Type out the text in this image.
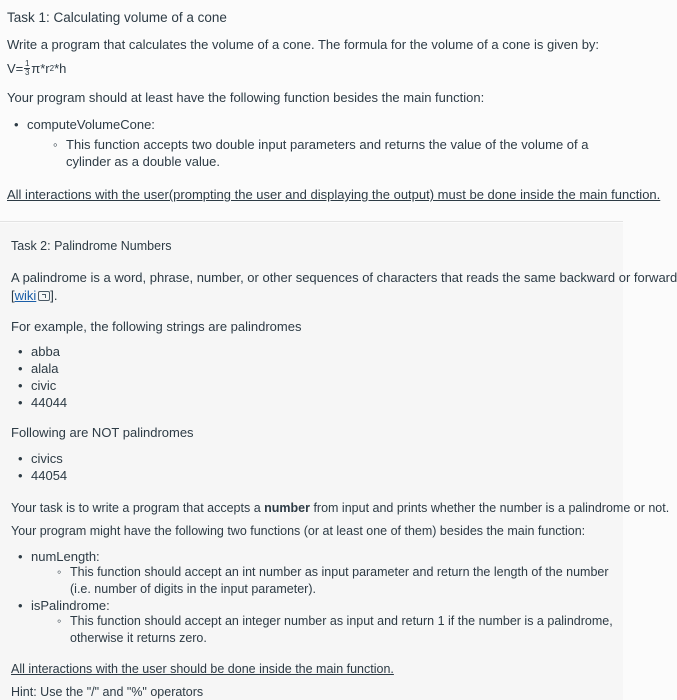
Task 1: Calculating volume of a cone

Write a program that calculates the volume of a cone. The formula for the volume of a cone is given by:

$V= \frac{1}{3} \pi*r$ 2 *h

Your program should at least have the following function besides the main function:

• computeVolumeCone:
◦ This function accepts two double input parameters and returns the value of the volume of a cylinder as a double value.

All interactions with the user(prompting the user and displaying the output) must be done inside the main function.

Task 2: Palindrome Numbers

A palindrome is a word, phrase, number, or other sequences of characters that reads the same backward or forward
[wiki ].

For example, the following strings are palindromes

• abba
• alala
• civic
• 44044

Following are NOT palindromes

• civics
• 44054

Your task is to write a program that accepts a number from input and prints whether the number is a palindrome or not.

Your program might have the following two functions (or at least one of them) besides the main function:

• numLength:
◦ This function should accept an int number as input parameter and return the length of the number (i.e. number of digits in the input parameter).
• isPalindrome:
◦ This function should accept an integer number as input and return 1 if the number is a palindrome, otherwise it returns zero.

All interactions with the user should be done inside the main function.

Hint: Use the "/" and "%" operators
